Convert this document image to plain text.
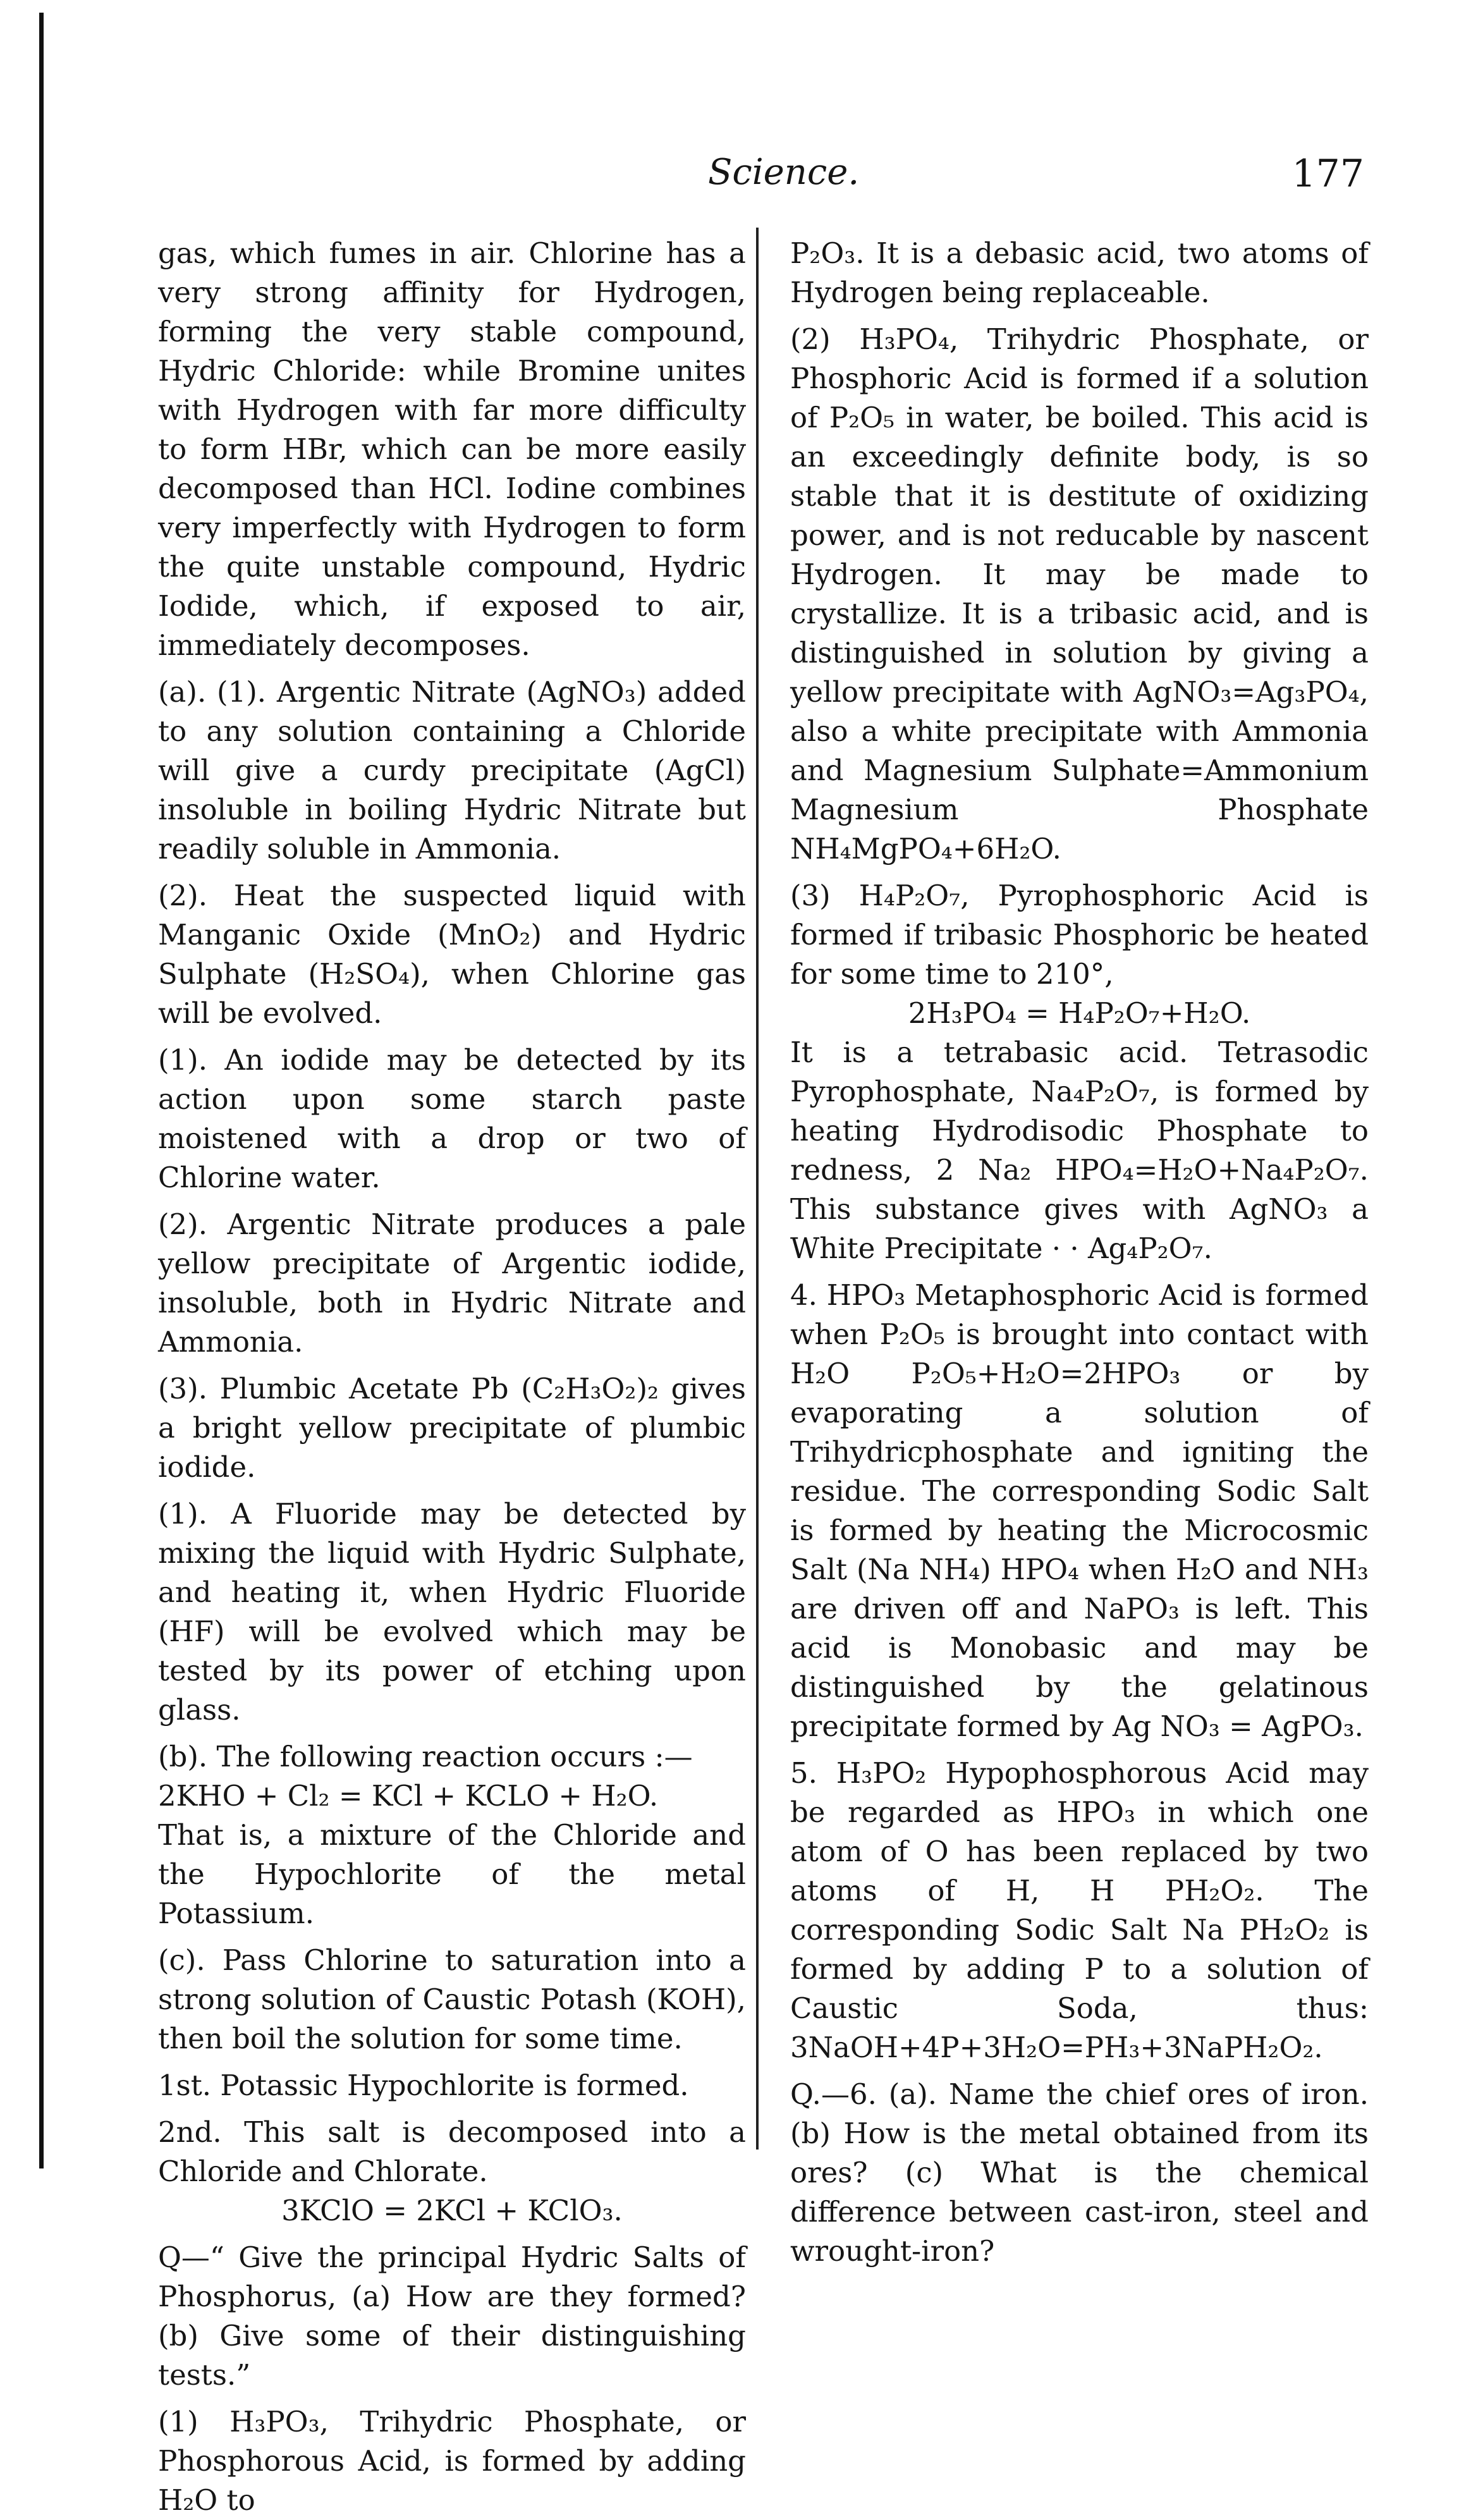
Science.	177

gas, which fumes in air. Chlorine has a very strong affinity for Hydrogen, forming the very stable compound, Hydric Chloride: while Bromine unites with Hydrogen with far more difficulty to form HBr, which can be more easily decomposed than HCl. Iodine combines very imperfectly with Hydrogen to form the quite unstable compound, Hydric Iodide, which, if exposed to air, immediately decomposes.

(a). (1). Argentic Nitrate (AgNO₃) added to any solution containing a Chloride will give a curdy precipitate (AgCl) insoluble in boiling Hydric Nitrate but readily soluble in Ammonia.

(2). Heat the suspected liquid with Manganic Oxide (MnO₂) and Hydric Sulphate (H₂SO₄), when Chlorine gas will be evolved.

(1). An iodide may be detected by its action upon some starch paste moistened with a drop or two of Chlorine water.

(2). Argentic Nitrate produces a pale yellow precipitate of Argentic iodide, insoluble, both in Hydric Nitrate and Ammonia.

(3). Plumbic Acetate Pb (C₂H₃O₂)₂ gives a bright yellow precipitate of plumbic iodide.

(1). A Fluoride may be detected by mixing the liquid with Hydric Sulphate, and heating it, when Hydric Fluoride (HF) will be evolved which may be tested by its power of etching upon glass.

(b). The following reaction occurs :—

2KHO + Cl₂ = KCl + KCLO + H₂O.

That is, a mixture of the Chloride and the Hypochlorite of the metal Potassium.

(c). Pass Chlorine to saturation into a strong solution of Caustic Potash (KOH), then boil the solution for some time.

1st. Potassic Hypochlorite is formed.

2nd. This salt is decomposed into a Chloride and Chlorate.

3KClO = 2KCl + KClO₃.

Q—“ Give the principal Hydric Salts of Phosphorus, (a) How are they formed? (b) Give some of their distinguishing tests.”

(1) H₃PO₃, Trihydric Phosphate, or Phosphorous Acid, is formed by adding H₂O to

P₂O₃. It is a debasic acid, two atoms of Hydrogen being replaceable.

(2) H₃PO₄, Trihydric Phosphate, or Phosphoric Acid is formed if a solution of P₂O₅ in water, be boiled. This acid is an exceedingly definite body, is so stable that it is destitute of oxidizing power, and is not reducable by nascent Hydrogen. It may be made to crystallize. It is a tribasic acid, and is distinguished in solution by giving a yellow precipitate with AgNO₃=Ag₃PO₄, also a white precipitate with Ammonia and Magnesium Sulphate=Ammonium Magnesium Phosphate NH₄MgPO₄+6H₂O.

(3) H₄P₂O₇, Pyrophosphoric Acid is formed if tribasic Phosphoric be heated for some time to 210°,

2H₃PO₄ = H₄P₂O₇+H₂O.

It is a tetrabasic acid. Tetrasodic Pyrophosphate, Na₄P₂O₇, is formed by heating Hydrodisodic Phosphate to redness, 2 Na₂ HPO₄=H₂O+Na₄P₂O₇. This substance gives with AgNO₃ a White Precipitate · · Ag₄P₂O₇.

4. HPO₃ Metaphosphoric Acid is formed when P₂O₅ is brought into contact with H₂O P₂O₅+H₂O=2HPO₃ or by evaporating a solution of Trihydricphosphate and igniting the residue. The corresponding Sodic Salt is formed by heating the Microcosmic Salt (Na NH₄) HPO₄ when H₂O and NH₃ are driven off and NaPO₃ is left. This acid is Monobasic and may be distinguished by the gelatinous precipitate formed by Ag NO₃ = AgPO₃.

5. H₃PO₂ Hypophosphorous Acid may be regarded as HPO₃ in which one atom of O has been replaced by two atoms of H, H PH₂O₂. The corresponding Sodic Salt Na PH₂O₂ is formed by adding P to a solution of Caustic Soda, thus: 3NaOH+4P+3H₂O=PH₃+3NaPH₂O₂.

Q.—6. (a). Name the chief ores of iron. (b) How is the metal obtained from its ores? (c) What is the chemical difference between cast-iron, steel and wrought-iron?
